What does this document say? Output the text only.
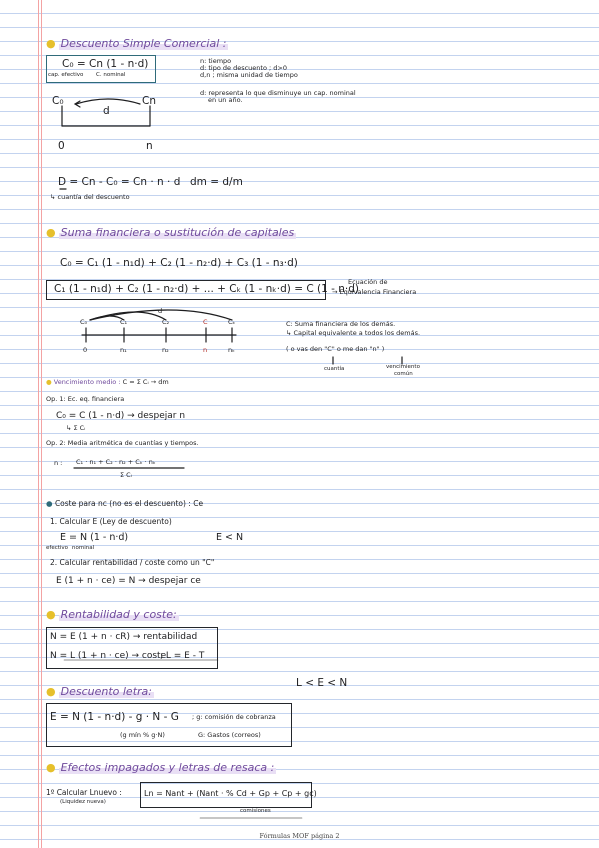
● Descuento Simple Comercial :
C₀ = Cn (1 - n·d)
cap. efectivo C. nominal
n: tiempo
d: tipo de descuento ; d>0
d,n ; misma unidad de tiempo
d: representa lo que disminuye un cap. nominal
en un año.
C₀	Cn
d
0	n
D = Cn - C₀ = Cn · n · d dm = d/m
↳ cuantía del descuento
● Suma financiera o sustitución de capitales
C₀ = C₁ (1 - n₁d) + C₂ (1 - n₂·d) + C₃ (1 - n₃·d)
C₁ (1 - n₁d) + C₂ (1 - n₂·d) + ... + Cₖ (1 - nₖ·d) = C (1 - n·d)
Ecuación de
→ Equivalencia Financiera
C₀	C₁	C₂	C	Cₖ
d
0	n₁	n₂	n	nₖ
C: Suma financiera de los demás.
↳ Capital equivalente a todos los demás.
( o vas den "C" o me dan "n" )
cuantía	vencimiento
común
● Vencimiento medio : C = Σ Cᵢ → dm
Op. 1: Ec. eq. financiera
C₀ = C (1 - n·d) → despejar n
↳ Σ Cᵢ
Op. 2: Media aritmética de cuantías y tiempos.
n : C₁ · n₁ + C₂ · n₂ + Cₖ · nₖ
Σ Cᵢ
● Coste para nc (no es el descuento) : Ce
1. Calcular E (Ley de descuento)
E = N (1 - n·d)	E < N
efectivo nominal
2. Calcular rentabilidad / coste como un "C"
E (1 + n · ce) = N → despejar ce
● Rentabilidad y coste:
N = E (1 + n · cR) → rentabilidad
N = L (1 + n · ce) → coste
; L = E - T
L < E < N
● Descuento letra:
E = N (1 - n·d) - g · N - G ; g: comisión de cobranza
(g mín % g·N)	G: Gastos (correos)
● Efectos impagados y letras de resaca :
1º Calcular Lnuevo :
(Liquidez nueva)
Ln = Nant + (Nant · % Cd + Gp + Cp + gc)
comisiones
Fórmulas MOF página 2
